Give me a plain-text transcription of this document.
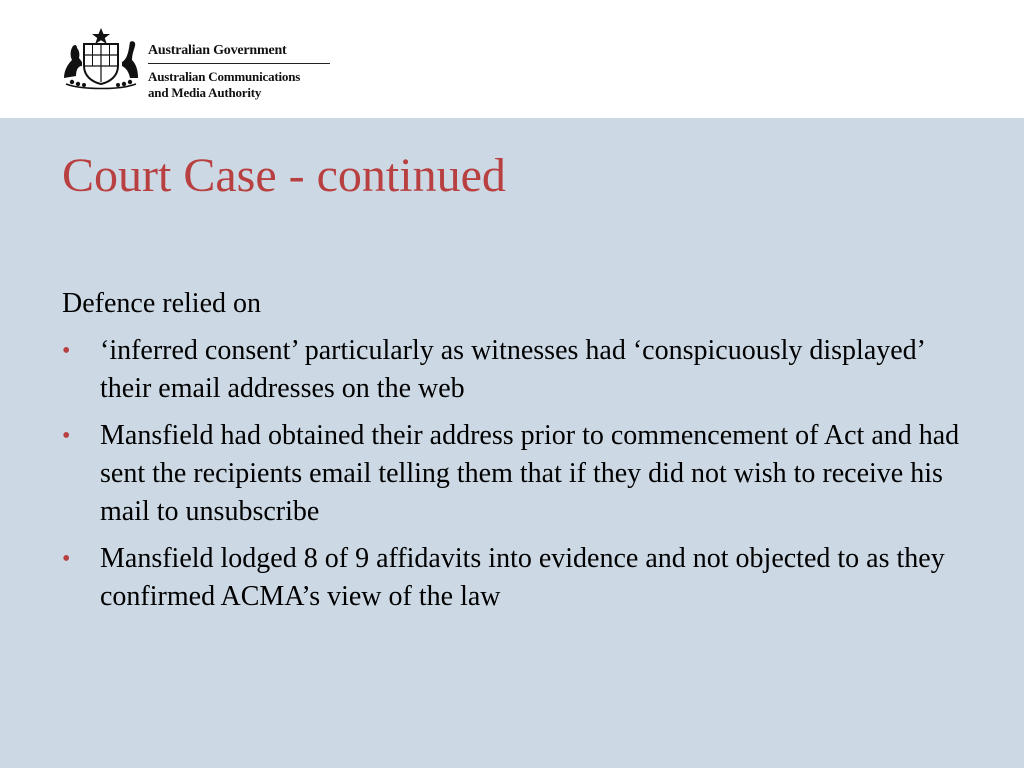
Australian Government
Australian Communications
and Media Authority
Court Case - continued

Defence relied on

• ‘inferred consent’ particularly as witnesses had ‘conspicuously displayed’ their email addresses on the web
• Mansfield had obtained their address prior to commencement of Act and had sent the recipients email telling them that if they did not wish to receive his mail to unsubscribe
• Mansfield lodged 8 of 9 affidavits into evidence and not objected to as they confirmed ACMA’s view of the law
